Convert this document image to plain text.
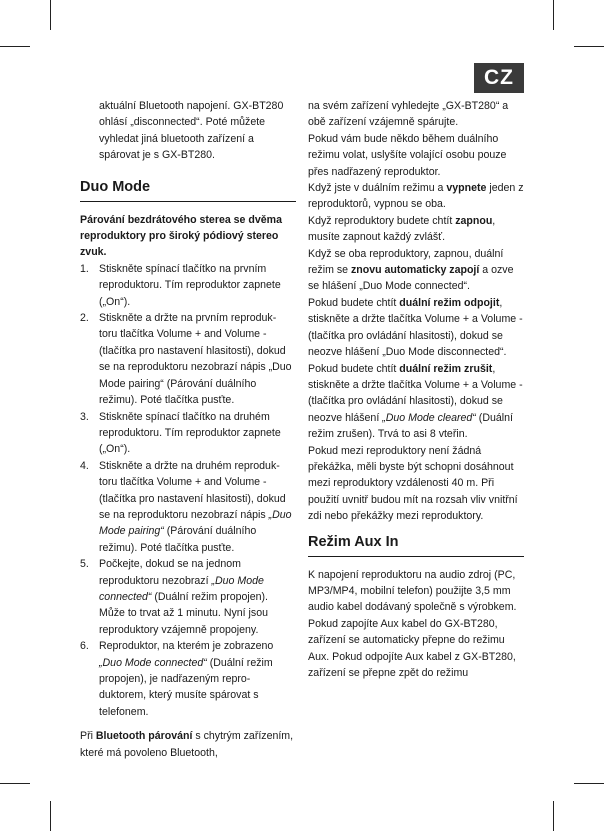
CZ

aktuální Bluetooth napojení. GX-BT280

ohlásí „disconnected“. Poté můžete

vyhledat jiná bluetooth zařízení a

spárovat je s GX-BT280.

Duo Mode

Párování bezdrátového sterea se dvěma reproduktory pro široký pódiový stereo zvuk.

1. Stiskněte spínací tlačítko na prvním reproduktoru. Tím reproduktor zapnete („On“).
2. Stiskněte a držte na prvním reproduk- toru tlačítka Volume + and Volume - (tlačítka pro nastavení hlasitosti), dokud se na reproduktoru nezobrazí nápis „Duo Mode pairing“ (Párování duálního režimu). Poté tlačítka pusťte.
3. Stiskněte spínací tlačítko na druhém reproduktoru. Tím reproduktor zapnete („On“).
4. Stiskněte a držte na druhém reproduk- toru tlačítka Volume + and Volume - (tlačítka pro nastavení hlasitosti), dokud se na reproduktoru nezobrazí nápis „Duo Mode pairing“ (Párování duálního režimu). Poté tlačítka pusťte.
5. Počkejte, dokud se na jednom reproduktoru nezobrazí „Duo Mode connected“ (Duální režim propojen). Může to trvat až 1 minutu. Nyní jsou reproduktory vzájemně propojeny.
6. Reproduktor, na kterém je zobrazeno „Duo Mode connected“ (Duální režim propojen), je nadřazeným repro- duktorem, který musíte spárovat s telefonem.

Při Bluetooth párování s chytrým zařízením, které má povoleno Bluetooth,

na svém zařízení vyhledejte „GX-BT280“ a obě zařízení vzájemně spárujte.

Pokud vám bude někdo během duálního režimu volat, uslyšíte volající osobu pouze přes nadřazený reproduktor.

Když jste v duálním režimu a vypnete jeden z reproduktorů, vypnou se oba.

Když reproduktory budete chtít zapnou, musíte zapnout každý zvlášť.

Když se oba reproduktory, zapnou, duální režim se znovu automaticky zapojí a ozve se hlášení „Duo Mode connected“.

Pokud budete chtít duální režim odpojit, stiskněte a držte tlačítka Volume + a Volume - (tlačítka pro ovládání hlasitosti), dokud se neozve hlášení „Duo Mode disconnected“.

Pokud budete chtít duální režim zrušit, stiskněte a držte tlačítka Volume + a Volume - (tlačítka pro ovládání hlasitosti), dokud se neozve hlášení „Duo Mode cleared“ (Duální režim zrušen). Trvá to asi 8 vteřin.

Pokud mezi reproduktory není žádná překážka, měli byste být schopni dosáhnout mezi reproduktory vzdálenosti 40 m. Při použití uvnitř budou mít na rozsah vliv vnitřní zdi nebo překážky mezi reproduktory.

Režim Aux In

K napojení reproduktoru na audio zdroj (PC, MP3/MP4, mobilní telefon) použijte 3,5 mm audio kabel dodávaný společně s výrobkem.

Pokud zapojíte Aux kabel do GX-BT280, zařízení se automaticky přepne do režimu Aux. Pokud odpojíte Aux kabel z GX-BT280, zařízení se přepne zpět do režimu
